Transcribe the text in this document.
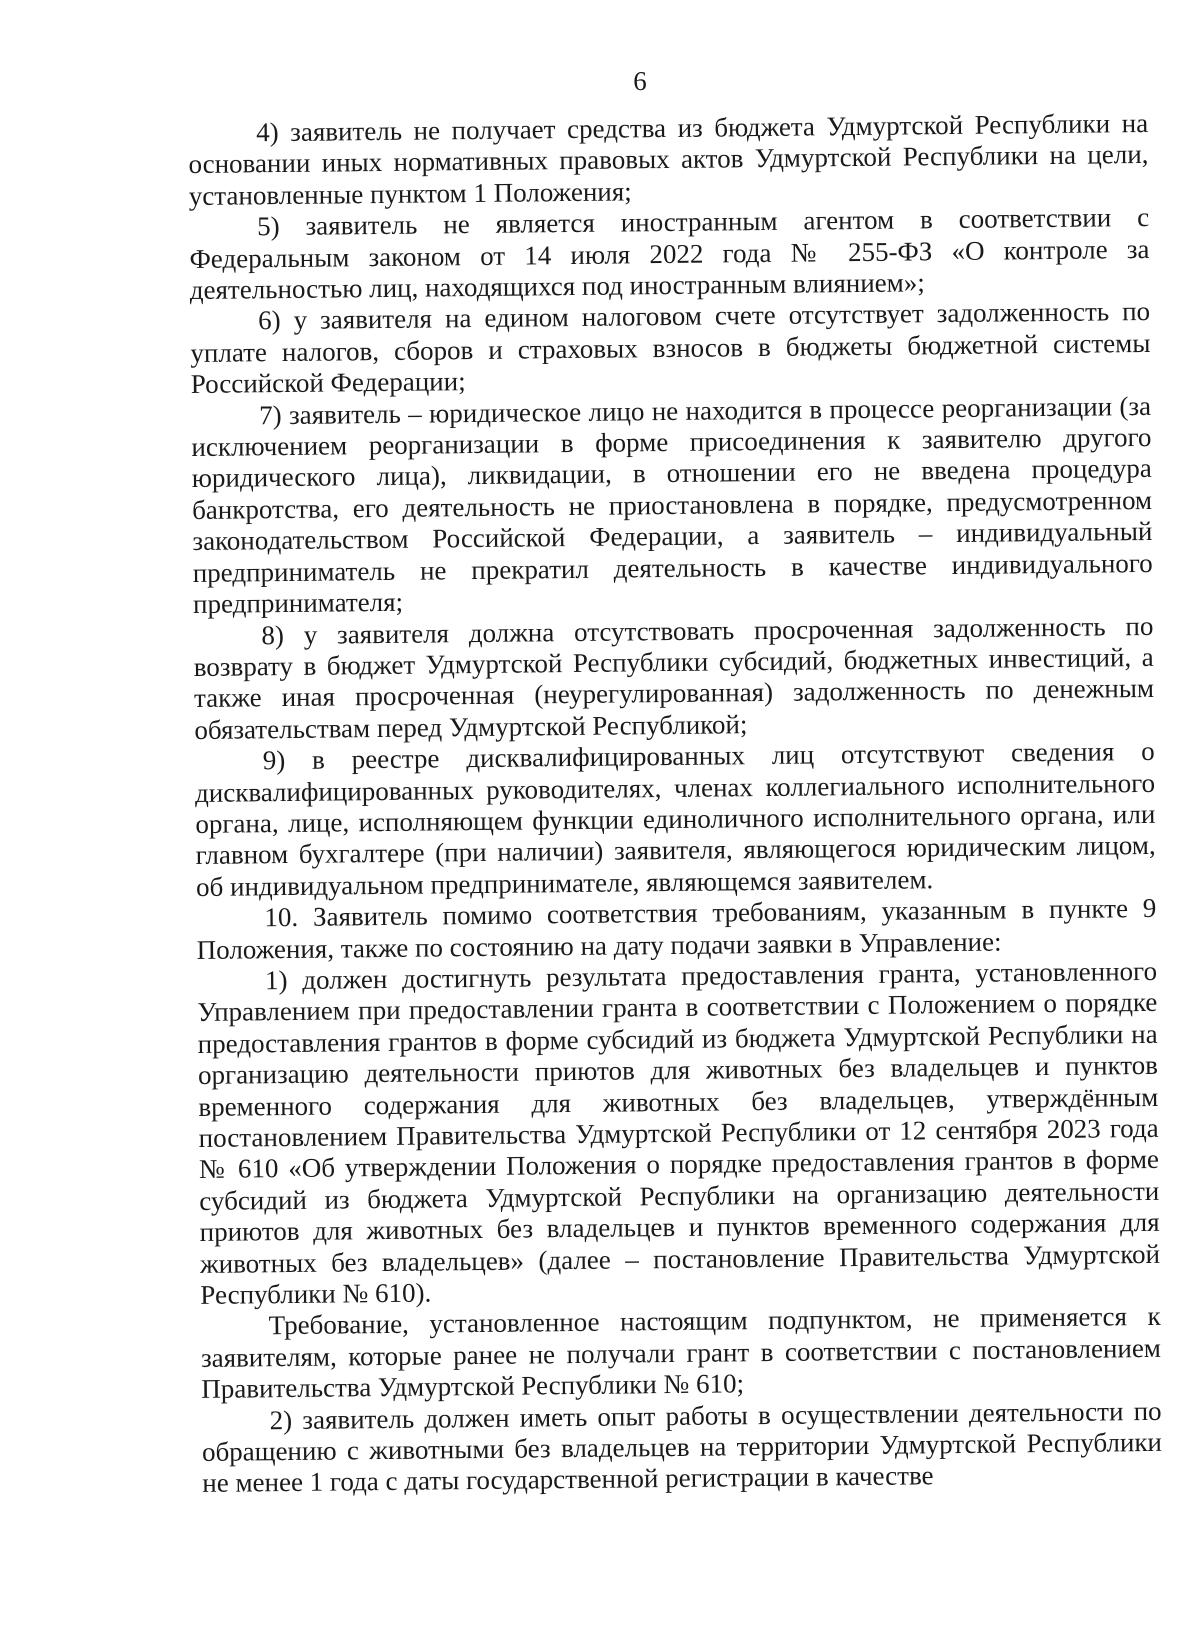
6

4) заявитель не получает средства из бюджета Удмуртской Республики на основании иных нормативных правовых актов Удмуртской Республики на цели, установленные пунктом 1 Положения;

5) заявитель не является иностранным агентом в соответствии с Федеральным законом от 14 июля 2022 года № 255-ФЗ «О контроле за деятельностью лиц, находящихся под иностранным влиянием»;

6) у заявителя на едином налоговом счете отсутствует задолженность по уплате налогов, сборов и страховых взносов в бюджеты бюджетной системы Российской Федерации;

7) заявитель – юридическое лицо не находится в процессе реорганизации (за исключением реорганизации в форме присоединения к заявителю другого юридического лица), ликвидации, в отношении его не введена процедура банкротства, его деятельность не приостановлена в порядке, предусмотренном законодательством Российской Федерации, а заявитель – индивидуальный предприниматель не прекратил деятельность в качестве индивидуального предпринимателя;

8) у заявителя должна отсутствовать просроченная задолженность по возврату в бюджет Удмуртской Республики субсидий, бюджетных инвестиций, а также иная просроченная (неурегулированная) задолженность по денежным обязательствам перед Удмуртской Республикой;

9) в реестре дисквалифицированных лиц отсутствуют сведения о дисквалифицированных руководителях, членах коллегиального исполнительного органа, лице, исполняющем функции единоличного исполнительного органа, или главном бухгалтере (при наличии) заявителя, являющегося юридическим лицом, об индивидуальном предпринимателе, являющемся заявителем.

10. Заявитель помимо соответствия требованиям, указанным в пункте 9 Положения, также по состоянию на дату подачи заявки в Управление:

1) должен достигнуть результата предоставления гранта, установленного Управлением при предоставлении гранта в соответствии с Положением о порядке предоставления грантов в форме субсидий из бюджета Удмуртской Республики на организацию деятельности приютов для животных без владельцев и пунктов временного содержания для животных без владельцев, утверждённым постановлением Правительства Удмуртской Республики от 12 сентября 2023 года № 610 «Об утверждении Положения о порядке предоставления грантов в форме субсидий из бюджета Удмуртской Республики на организацию деятельности приютов для животных без владельцев и пунктов временного содержания для животных без владельцев» (далее – постановление Правительства Удмуртской Республики № 610).

Требование, установленное настоящим подпунктом, не применяется к заявителям, которые ранее не получали грант в соответствии с постановлением Правительства Удмуртской Республики № 610;

2) заявитель должен иметь опыт работы в осуществлении деятельности по обращению с животными без владельцев на территории Удмуртской Республики не менее 1 года с даты государственной регистрации в качестве
